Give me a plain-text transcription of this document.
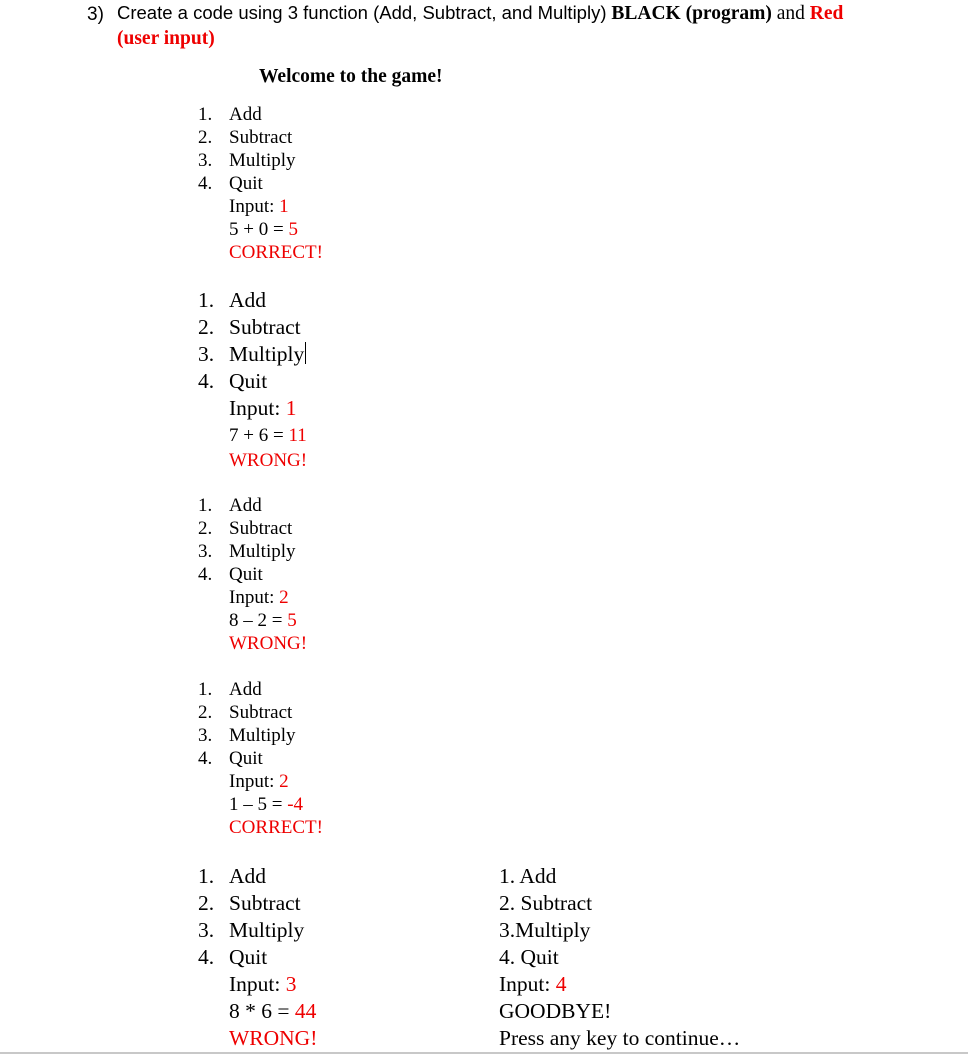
3) Create a code using 3 function (Add, Subtract, and Multiply) BLACK (program) and Red
(user input)
Welcome to the game!
1. Add
2. Subtract
3. Multiply
4. Quit
Input: 1
5 + 0 = 5
CORRECT!
1. Add
2. Subtract
3. Multiply
4. Quit
Input: 1
7 + 6 = 11
WRONG!
1. Add
2. Subtract
3. Multiply
4. Quit
Input: 2
8 – 2 = 5
WRONG!
1. Add
2. Subtract
3. Multiply
4. Quit
Input: 2
1 – 5 = -4
CORRECT!
1. Add
2. Subtract
3. Multiply
4. Quit
Input: 3
8 * 6 = 44
WRONG!
1. Add
2. Subtract
3.Multiply
4. Quit
Input: 4
GOODBYE!
Press any key to continue…
